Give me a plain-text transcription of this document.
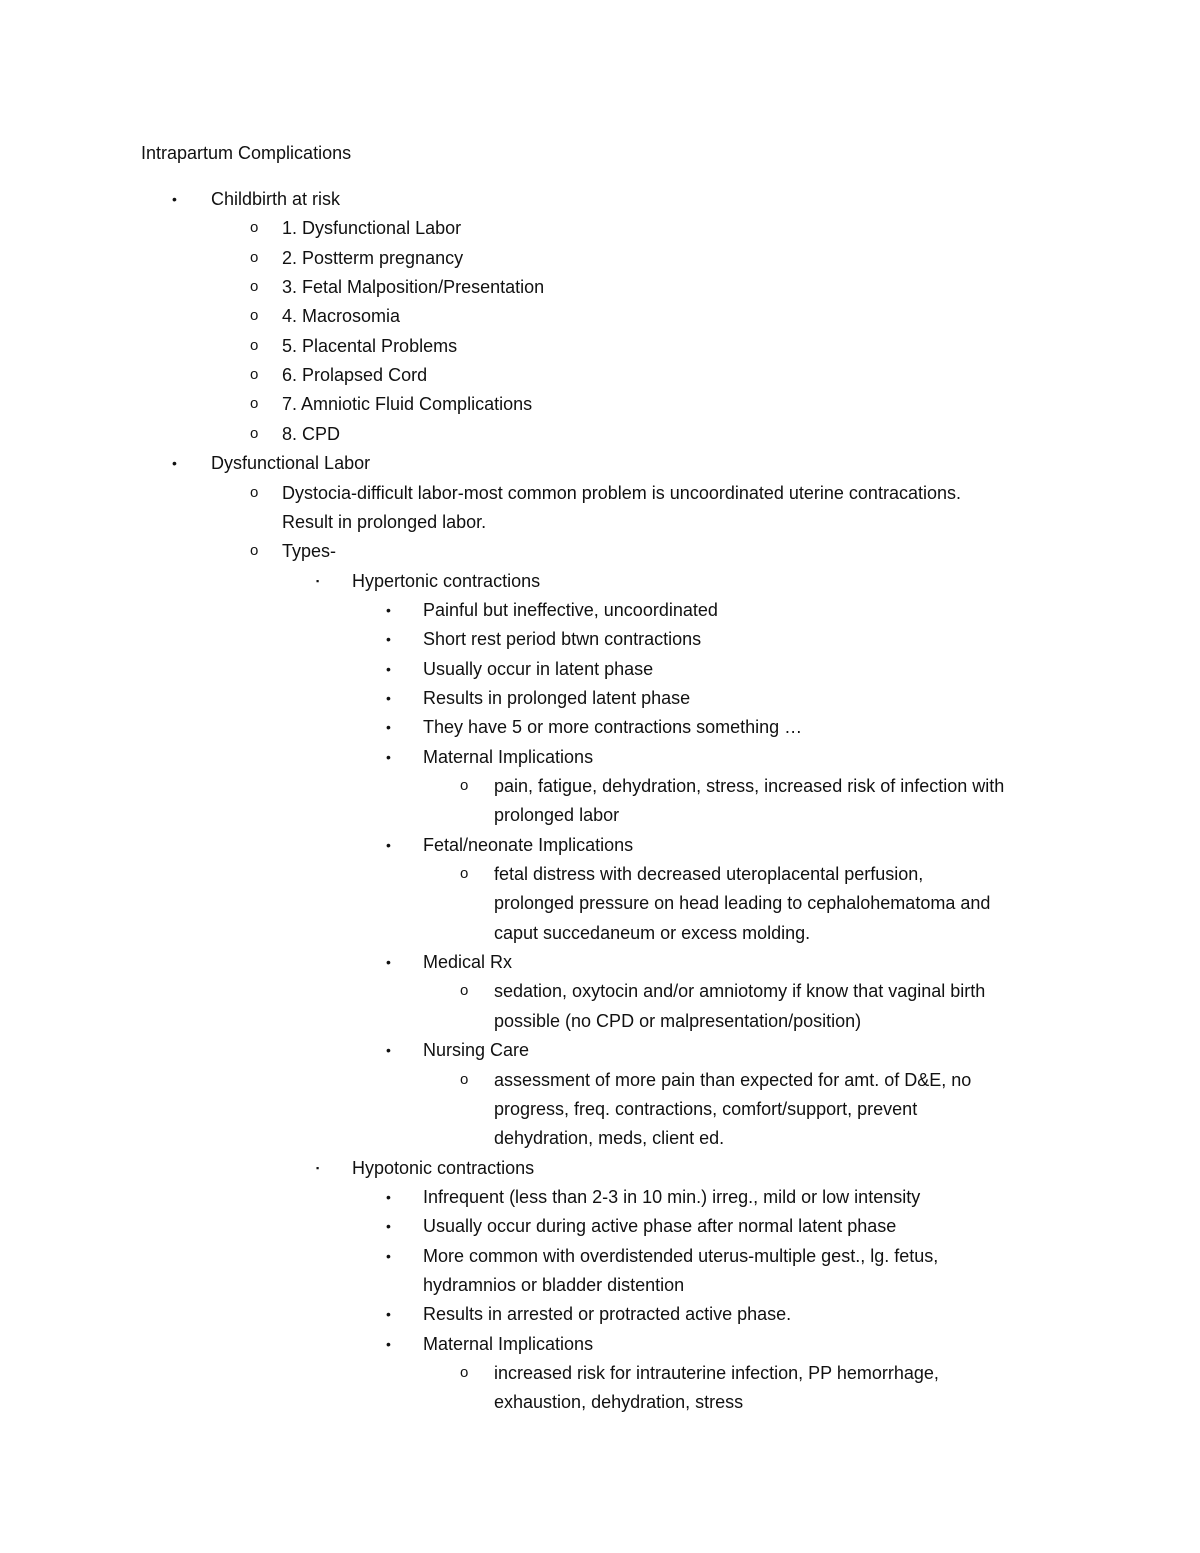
Intrapartum Complications
• Childbirth at risk
o 1. Dysfunctional Labor
o 2. Postterm pregnancy
o 3. Fetal Malposition/Presentation
o 4. Macrosomia
o 5. Placental Problems
o 6. Prolapsed Cord
o 7. Amniotic Fluid Complications
o 8. CPD
• Dysfunctional Labor
o Dystocia-difficult labor-most common problem is uncoordinated uterine contracations.
Result in prolonged labor.
o Types-
▪ Hypertonic contractions
• Painful but ineffective, uncoordinated
• Short rest period btwn contractions
• Usually occur in latent phase
• Results in prolonged latent phase
• They have 5 or more contractions something …
• Maternal Implications
o pain, fatigue, dehydration, stress, increased risk of infection with
prolonged labor
• Fetal/neonate Implications
o fetal distress with decreased uteroplacental perfusion,
prolonged pressure on head leading to cephalohematoma and
caput succedaneum or excess molding.
• Medical Rx
o sedation, oxytocin and/or amniotomy if know that vaginal birth
possible (no CPD or malpresentation/position)
• Nursing Care
o assessment of more pain than expected for amt. of D&E, no
progress, freq. contractions, comfort/support, prevent
dehydration, meds, client ed.
▪ Hypotonic contractions
• Infrequent (less than 2-3 in 10 min.) irreg., mild or low intensity
• Usually occur during active phase after normal latent phase
• More common with overdistended uterus-multiple gest., lg. fetus,
hydramnios or bladder distention
• Results in arrested or protracted active phase.
• Maternal Implications
o increased risk for intrauterine infection, PP hemorrhage,
exhaustion, dehydration, stress
